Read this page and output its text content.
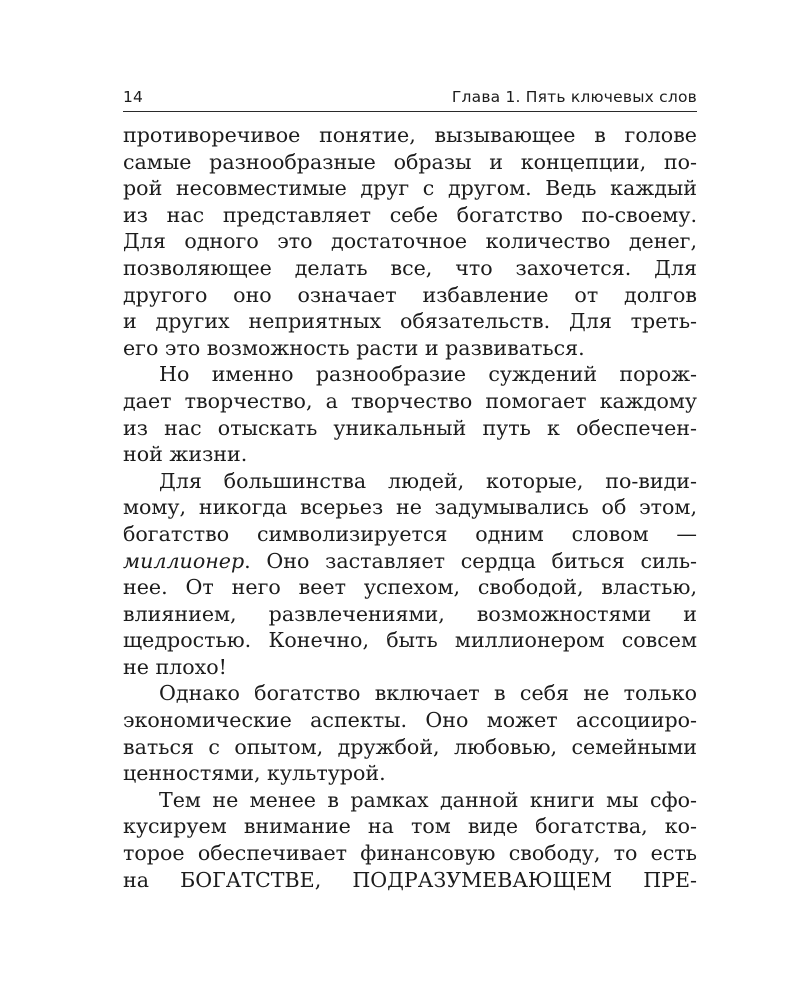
14	Глава 1. Пять ключевых слов

противоречивое понятие, вызывающее в голове
самые разнообразные образы и концепции, по-
рой несовместимые друг с другом. Ведь каждый
из нас представляет себе богатство по-своему.
Для одного это достаточное количество денег,
позволяющее делать все, что захочется. Для
другого оно означает избавление от долгов
и других неприятных обязательств. Для треть-
его это возможность расти и развиваться.

Но именно разнообразие суждений порож-
дает творчество, а творчество помогает каждому
из нас отыскать уникальный путь к обеспечен-
ной жизни.

Для большинства людей, которые, по-види-
мому, никогда всерьез не задумывались об этом,
богатство символизируется одним словом —
миллионер. Оно заставляет сердца биться силь-
нее. От него веет успехом, свободой, властью,
влиянием, развлечениями, возможностями и
щедростью. Конечно, быть миллионером совсем
не плохо!

Однако богатство включает в себя не только
экономические аспекты. Оно может ассоцииро-
ваться с опытом, дружбой, любовью, семейными
ценностями, культурой.

Тем не менее в рамках данной книги мы сфо-
кусируем внимание на том виде богатства, ко-
торое обеспечивает финансовую свободу, то есть
на БОГАТСТВЕ, ПОДРАЗУМЕВАЮЩЕМ ПРЕ-
